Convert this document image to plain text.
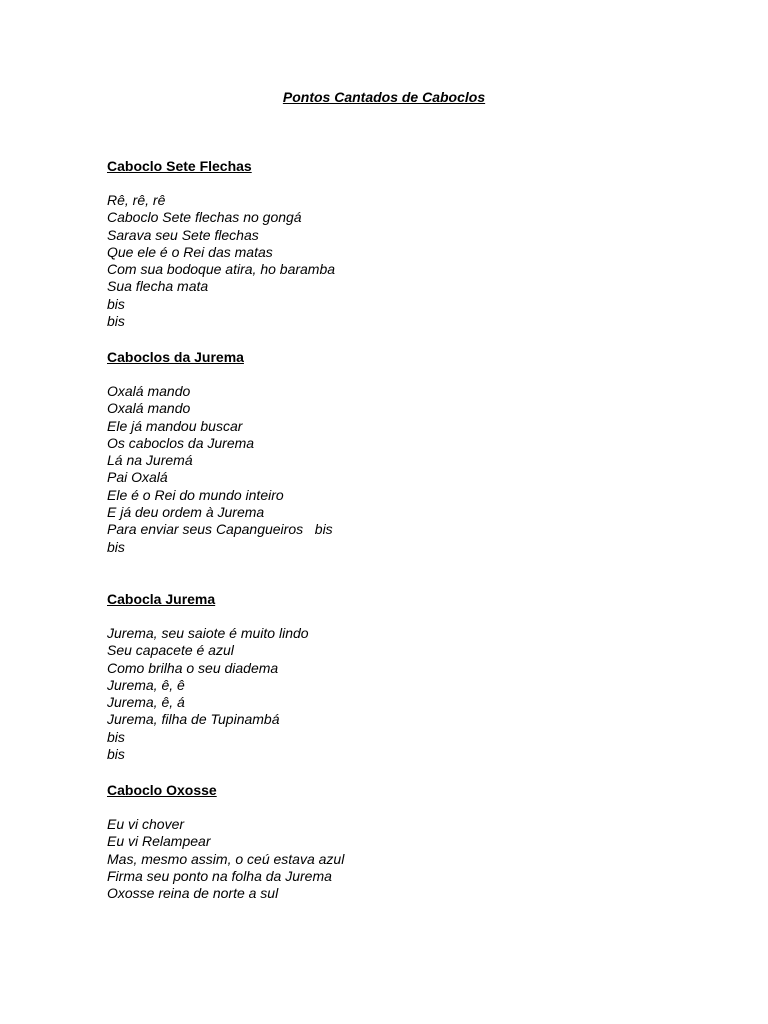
Pontos Cantados de Caboclos

Caboclo Sete Flechas

Rê, rê, rê

Caboclo Sete flechas no gongá

Sarava seu Sete flechas

Que ele é o Rei das matas

Com sua bodoque atira, ho baramba

Sua flecha mata

bis

bis

Caboclos da Jurema

Oxalá mando

Oxalá mando

Ele já mandou buscar

Os caboclos da Jurema

Lá na Juremá

Pai Oxalá

Ele é o Rei do mundo inteiro

E já deu ordem à Jurema

Para enviar seus Capangueiros   bis

bis

Cabocla Jurema

Jurema, seu saiote é muito lindo

Seu capacete é azul

Como brilha o seu diadema

Jurema, ê, ê

Jurema, ê, á

Jurema, filha de Tupinambá

bis

bis

Caboclo Oxosse

Eu vi chover

Eu vi Relampear

Mas, mesmo assim, o ceú estava azul

Firma seu ponto na folha da Jurema

Oxosse reina de norte a sul
